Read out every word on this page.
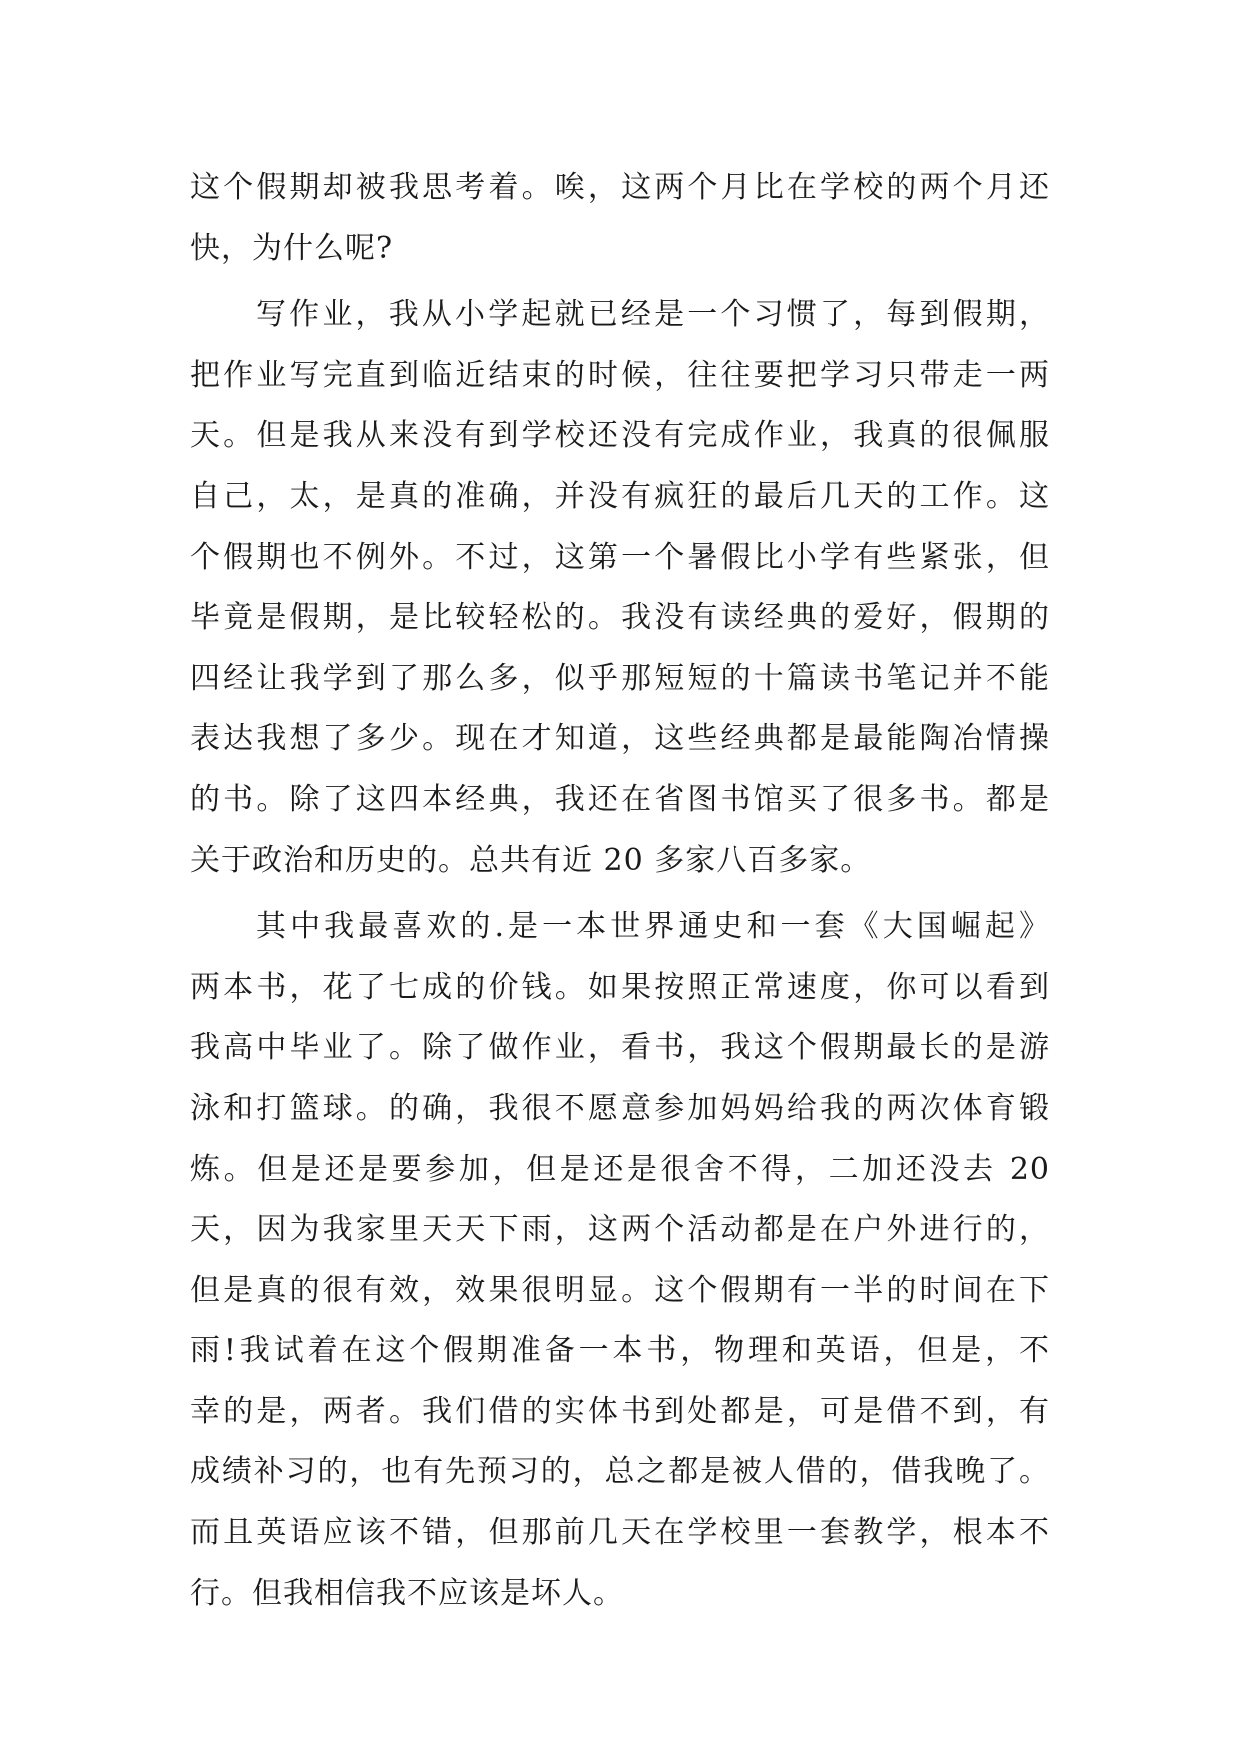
这个假期却被我思考着。唉，这两个月比在学校的两个月还
快，为什么呢?
写作业，我从小学起就已经是一个习惯了，每到假期，
把作业写完直到临近结束的时候，往往要把学习只带走一两
天。但是我从来没有到学校还没有完成作业，我真的很佩服
自己，太，是真的准确，并没有疯狂的最后几天的工作。这
个假期也不例外。不过，这第一个暑假比小学有些紧张，但
毕竟是假期，是比较轻松的。我没有读经典的爱好，假期的
四经让我学到了那么多，似乎那短短的十篇读书笔记并不能
表达我想了多少。现在才知道，这些经典都是最能陶冶情操
的书。除了这四本经典，我还在省图书馆买了很多书。都是
关于政治和历史的。总共有近 20 多家八百多家。
其中我最喜欢的.是一本世界通史和一套《大国崛起》
两本书，花了七成的价钱。如果按照正常速度，你可以看到
我高中毕业了。除了做作业，看书，我这个假期最长的是游
泳和打篮球。的确，我很不愿意参加妈妈给我的两次体育锻
炼。但是还是要参加，但是还是很舍不得，二加还没去 20
天，因为我家里天天下雨，这两个活动都是在户外进行的，
但是真的很有效，效果很明显。这个假期有一半的时间在下
雨!我试着在这个假期准备一本书，物理和英语，但是，不
幸的是，两者。我们借的实体书到处都是，可是借不到，有
成绩补习的，也有先预习的，总之都是被人借的，借我晚了。
而且英语应该不错，但那前几天在学校里一套教学，根本不
行。但我相信我不应该是坏人。
